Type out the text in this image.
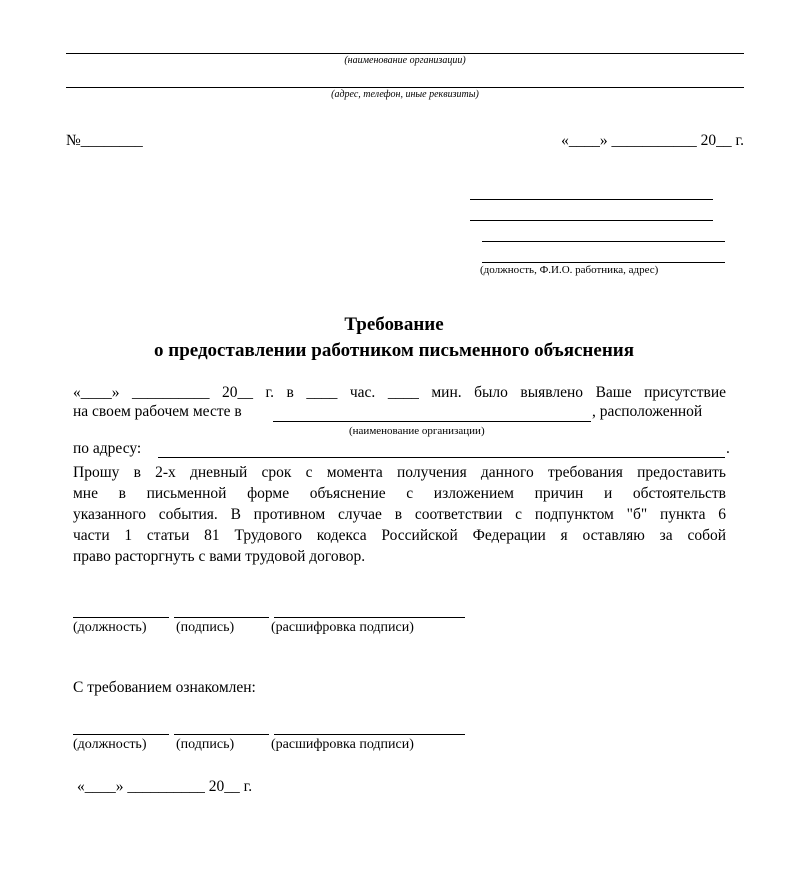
(наименование организации)
(адрес, телефон, иные реквизиты)
№________	«____» ___________ 20__ г.
(должность, Ф.И.О. работника, адрес)
Требование
о предоставлении работником письменного объяснения
«____» __________ 20__ г. в ____ час. ____ мин. было выявлено Ваше присутствие
на своем рабочем месте в	, расположенной
(наименование организации)
по адресу:	.
Прошу в 2-х дневный срок с момента получения данного требования предоставить
мне в письменной форме объяснение с изложением причин и обстоятельств
указанного события. В противном случае в соответствии с подпунктом "б" пункта 6
части 1 статьи 81 Трудового кодекса Российской Федерации я оставляю за собой
право расторгнуть с вами трудовой договор.
(должность) (подпись)	(расшифровка подписи)
С требованием ознакомлен:
(должность) (подпись)	(расшифровка подписи)
«____» __________ 20__ г.
